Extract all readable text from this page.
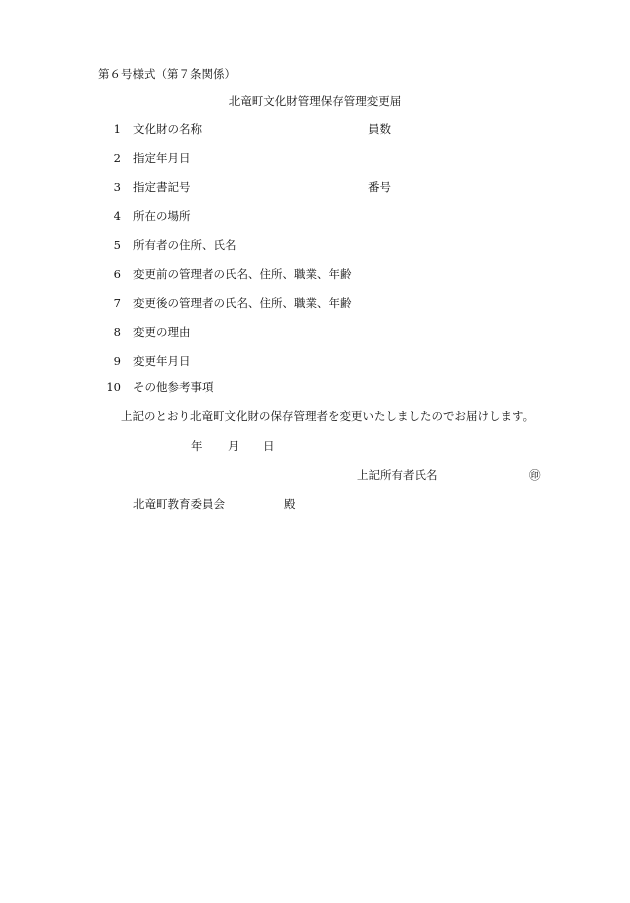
第６号様式（第７条関係）
北竜町文化財管理保存管理変更届
1 文化財の名称	員数
2 指定年月日
3 指定書記号	番号
4 所在の場所
5 所有者の住所、氏名
6 変更前の管理者の氏名、住所、職業、年齢
7 変更後の管理者の氏名、住所、職業、年齢
8 変更の理由
9 変更年月日
10 その他参考事項
上記のとおり北竜町文化財の保存管理者を変更いたしましたのでお届けします。
年 月 日
上記所有者氏名	㊞
北竜町教育委員会	殿
